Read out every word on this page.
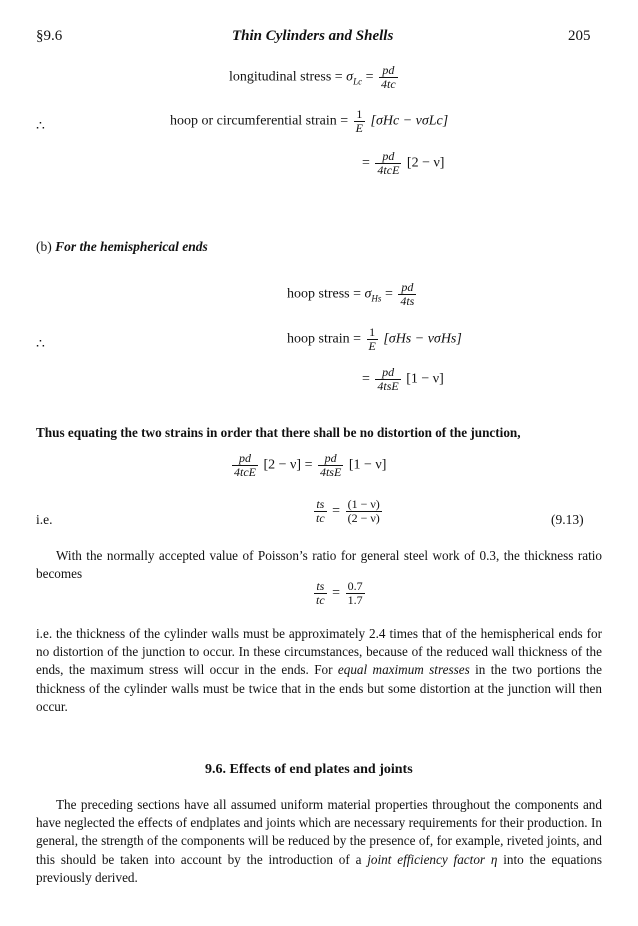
§9.6	Thin Cylinders and Shells	205
longitudinal stress = $\sigma_{Lc} = \frac{pd}{4tc}$
∴	hoop or circumferential strain = $\frac{1}{E} [\sigma Hc - \nu\sigma Lc]$
= $\frac{pd}{\text{4tcE}} [2 - \nu]$
(b) For the hemispherical ends
hoop stress = $\sigma_{Hs} = \frac{pd}{4ts}$
∴	hoop strain = $\frac{1}{E} [\sigma Hs - \nu\sigma Hs]$
= $\frac{pd}{\text{4tsE}} [1 - \nu]$
Thus equating the two strains in order that there shall be no distortion of the junction,
$\frac{pd}{\text{4tcE}} [2 - \nu] = \frac{pd}{\text{4tsE}} [1 - \nu]$
i.e.	$\frac{ts}{tc} = \frac{(1 - \nu)}{(2 - \nu)}$	(9.13)
With the normally accepted value of Poisson’s ratio for general steel work of 0.3, the thickness ratio becomes
$\frac{ts}{tc} = \frac{0.7}{1.7}$
i.e. the thickness of the cylinder walls must be approximately 2.4 times that of the hemispherical ends for no distortion of the junction to occur. In these circumstances, because of the reduced wall thickness of the ends, the maximum stress will occur in the ends. For equal maximum stresses in the two portions the thickness of the cylinder walls must be twice that in the ends but some distortion at the junction will then occur.
9.6. Effects of end plates and joints
The preceding sections have all assumed uniform material properties throughout the components and have neglected the effects of endplates and joints which are necessary requirements for their production. In general, the strength of the components will be reduced by the presence of, for example, riveted joints, and this should be taken into account by the introduction of a joint efficiency factor η into the equations previously derived.
